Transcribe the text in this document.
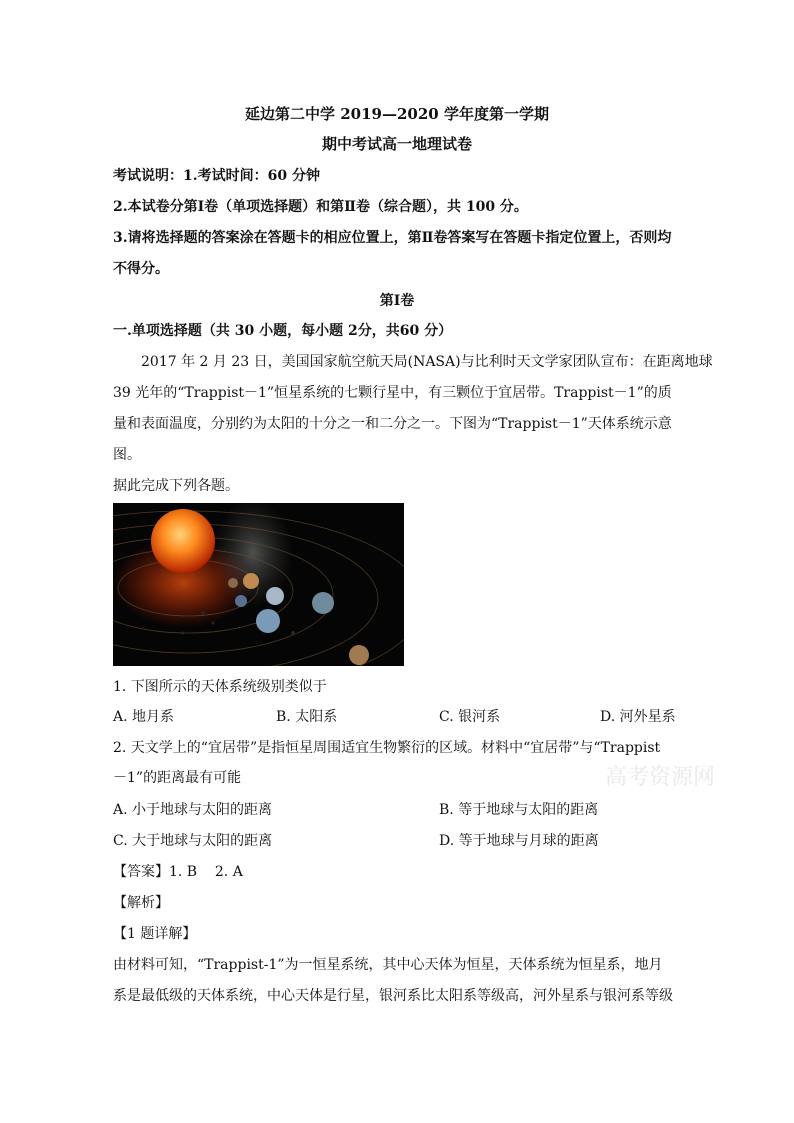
延边第二中学 2019—2020 学年度第一学期
期中考试高一地理试卷
考试说明：1.考试时间：60 分钟
2.本试卷分第Ⅰ卷（单项选择题）和第Ⅱ卷（综合题），共 100 分。
3.请将选择题的答案涂在答题卡的相应位置上，第Ⅱ卷答案写在答题卡指定位置上，否则均
不得分。
第Ⅰ卷
一.单项选择题（共 30 小题，每小题 2分，共60 分）
2017 年 2 月 23 日，美国国家航空航天局(NASA)与比利时天文学家团队宣布：在距离地球
39 光年的“Trappist－1”恒星系统的七颗行星中，有三颗位于宜居带。Trappist－1”的质
量和表面温度，分别约为太阳的十分之一和二分之一。下图为“Trappist－1”天体系统示意
图。
据此完成下列各题。
1. 下图所示的天体系统级别类似于
A. 地月系	B. 太阳系	C. 银河系	D. 河外星系
2. 天文学上的“宜居带”是指恒星周围适宜生物繁衍的区域。材料中“宜居带”与“Trappist
－1”的距离最有可能	高考资源网
A. 小于地球与太阳的距离	B. 等于地球与太阳的距离
C. 大于地球与太阳的距离	D. 等于地球与月球的距离
【答案】1. B    2. A
【解析】
【1 题详解】
由材料可知，“Trappist-1”为一恒星系统，其中心天体为恒星，天体系统为恒星系，地月
系是最低级的天体系统，中心天体是行星，银河系比太阳系等级高，河外星系与银河系等级
